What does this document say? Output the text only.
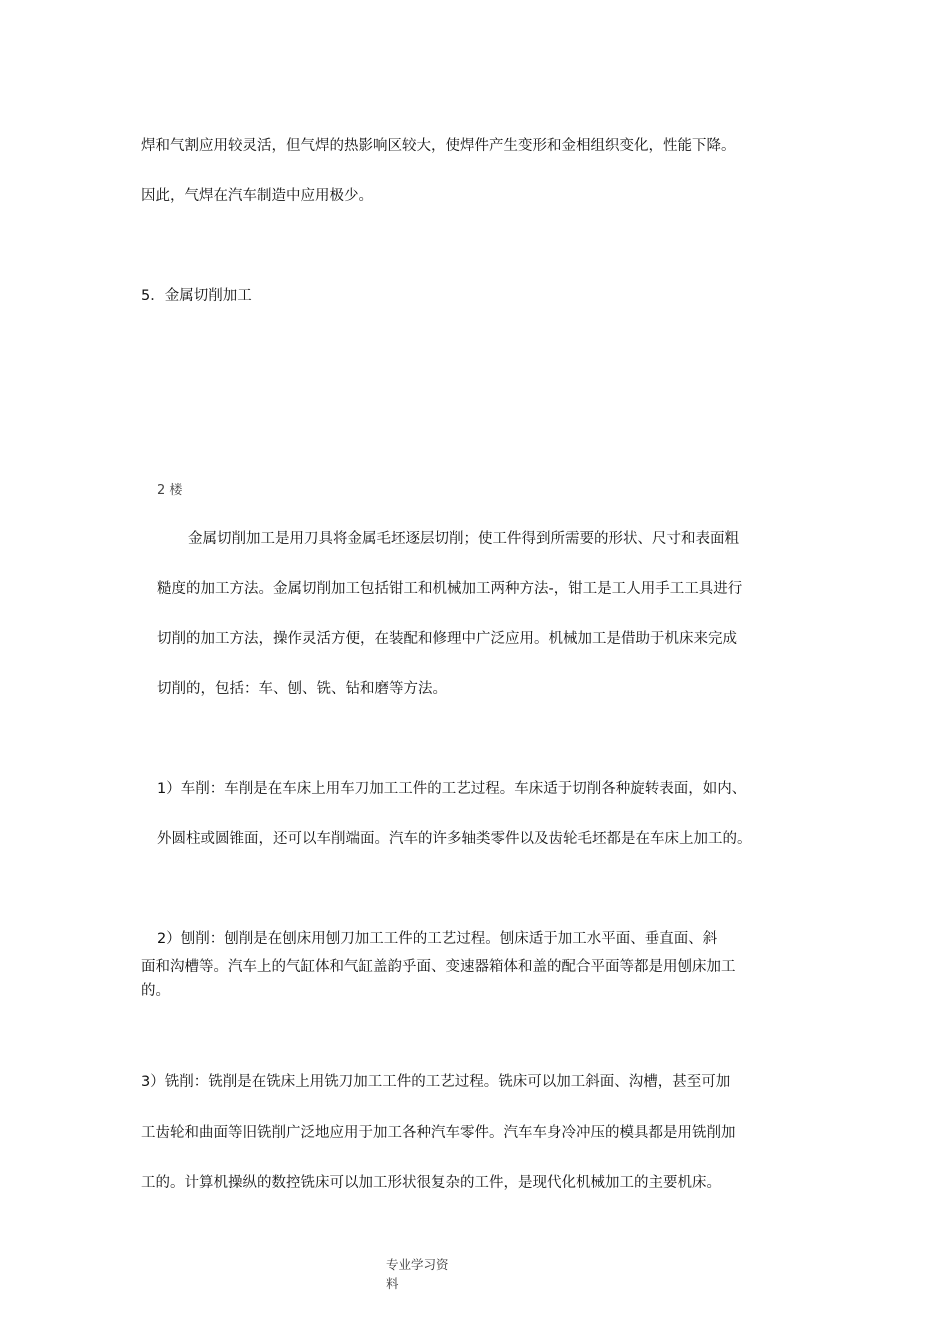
焊和气割应用较灵活，但气焊的热影响区较大，使焊件产生变形和金相组织变化，性能下降。
因此，气焊在汽车制造中应用极少。
5．金属切削加工
2 楼
金属切削加工是用刀具将金属毛坯逐层切削；使工件得到所需要的形状、尺寸和表面粗
糙度的加工方法。金属切削加工包括钳工和机械加工两种方法-，钳工是工人用手工工具进行
切削的加工方法，操作灵活方便，在装配和修理中广泛应用。机械加工是借助于机床来完成
切削的，包括：车、刨、铣、钻和磨等方法。
1）车削：车削是在车床上用车刀加工工件的工艺过程。车床适于切削各种旋转表面，如内、
外圆柱或圆锥面，还可以车削端面。汽车的许多轴类零件以及齿轮毛坯都是在车床上加工的。
2）刨削：刨削是在刨床用刨刀加工工件的工艺过程。刨床适于加工水平面、垂直面、斜
面和沟槽等。汽车上的气缸体和气缸盖韵乎面、变速器箱体和盖的配合平面等都是用刨床加工
的。
3）铣削：铣削是在铣床上用铣刀加工工件的工艺过程。铣床可以加工斜面、沟槽，甚至可加
工齿轮和曲面等旧铣削广泛地应用于加工各种汽车零件。汽车车身冷冲压的模具都是用铣削加
工的。计算机操纵的数控铣床可以加工形状很复杂的工件，是现代化机械加工的主要机床。
专业学习资
料
